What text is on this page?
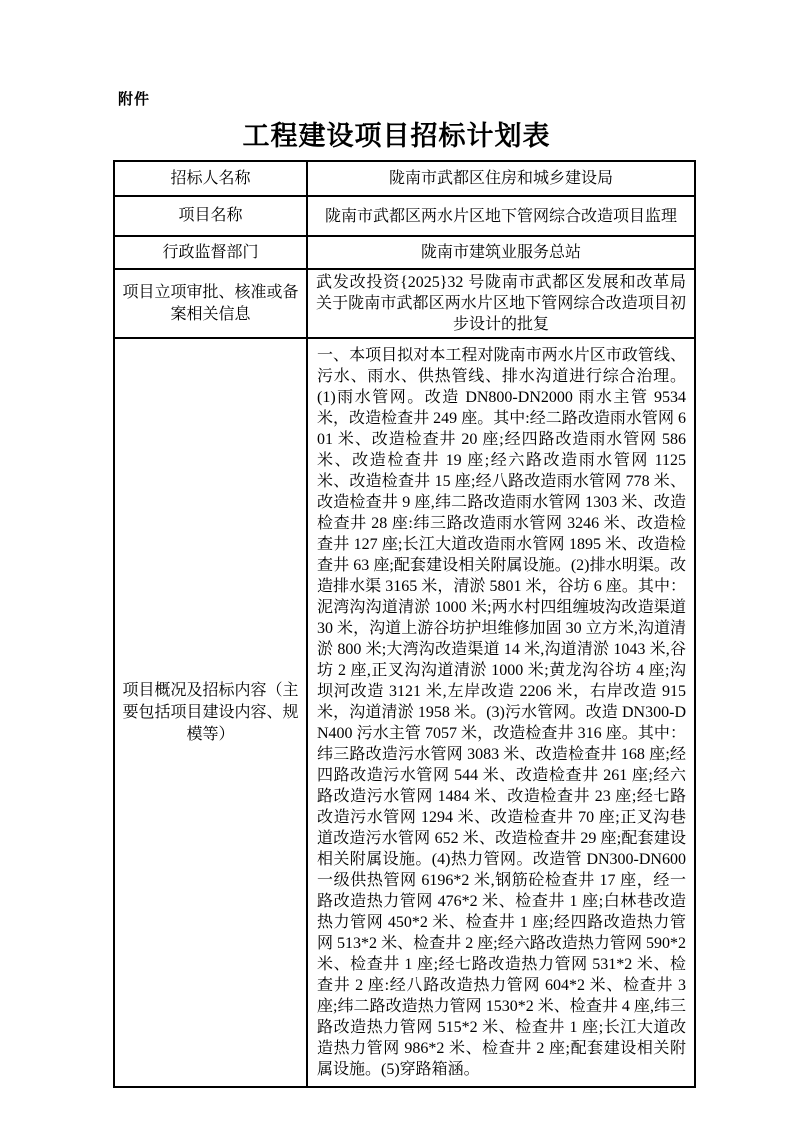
附件
工程建设项目招标计划表
招标人名称	陇南市武都区住房和城乡建设局
项目名称	陇南市武都区两水片区地下管网综合改造项目监理
行政监督部门	陇南市建筑业服务总站
项目立项审批、核准或备案相关信息	武发改投资{2025}32 号陇南市武都区发展和改革局关于陇南市武都区两水片区地下管网综合改造项目初步设计的批复
项目概况及招标内容（主要包括项目建设内容、规模等）	一、本项目拟对本工程对陇南市两水片区市政管线、污水、雨水、供热管线、排水沟道进行综合治理。(1)雨水管网。改造 DN800-DN2000 雨水主管 9534 米，改造检查井 249 座。其中:经二路改造雨水管网 601 米、改造检查井 20 座;经四路改造雨水管网 586 米、改造检查井 19 座;经六路改造雨水管网 1125 米、改造检查井 15 座;经八路改造雨水管网 778 米、改造检查井 9 座,纬二路改造雨水管网 1303 米、改造检查井 28 座:纬三路改造雨水管网 3246 米、改造检查井 127 座;长江大道改造雨水管网 1895 米、改造检查井 63 座;配套建设相关附属设施。(2)排水明渠。改造排水渠 3165 米，清淤 5801 米，谷坊 6 座。其中：泥湾沟沟道清淤 1000 米;两水村四组缠坡沟改造渠道 30 米，沟道上游谷坊护坦维修加固 30 立方米,沟道清淤 800 米;大湾沟改造渠道 14 米,沟道清淤 1043 米,谷坊 2 座,正叉沟沟道清淤 1000 米;黄龙沟谷坊 4 座;沟坝河改造 3121 米,左岸改造 2206 米，右岸改造 915 米，沟道清淤 1958 米。(3)污水管网。改造 DN300-DN400 污水主管 7057 米，改造检查井 316 座。其中：纬三路改造污水管网 3083 米、改造检查井 168 座;经四路改造污水管网 544 米、改造检查井 261 座;经六路改造污水管网 1484 米、改造检查井 23 座;经七路改造污水管网 1294 米、改造检查井 70 座;正叉沟巷道改造污水管网 652 米、改造检查井 29 座;配套建设相关附属设施。(4)热力管网。改造管 DN300-DN600 一级供热管网 6196*2 米,钢筋砼检查井 17 座，经一路改造热力管网 476*2 米、检查井 1 座;白林巷改造热力管网 450*2 米、检查井 1 座;经四路改造热力管网 513*2 米、检查井 2 座;经六路改造热力管网 590*2 米、检查井 1 座;经七路改造热力管网 531*2 米、检查井 2 座:经八路改造热力管网 604*2 米、检查井 3 座;纬二路改造热力管网 1530*2 米、检查井 4 座,纬三路改造热力管网 515*2 米、检查井 1 座;长江大道改造热力管网 986*2 米、检查井 2 座;配套建设相关附属设施。(5)穿路箱涵。
